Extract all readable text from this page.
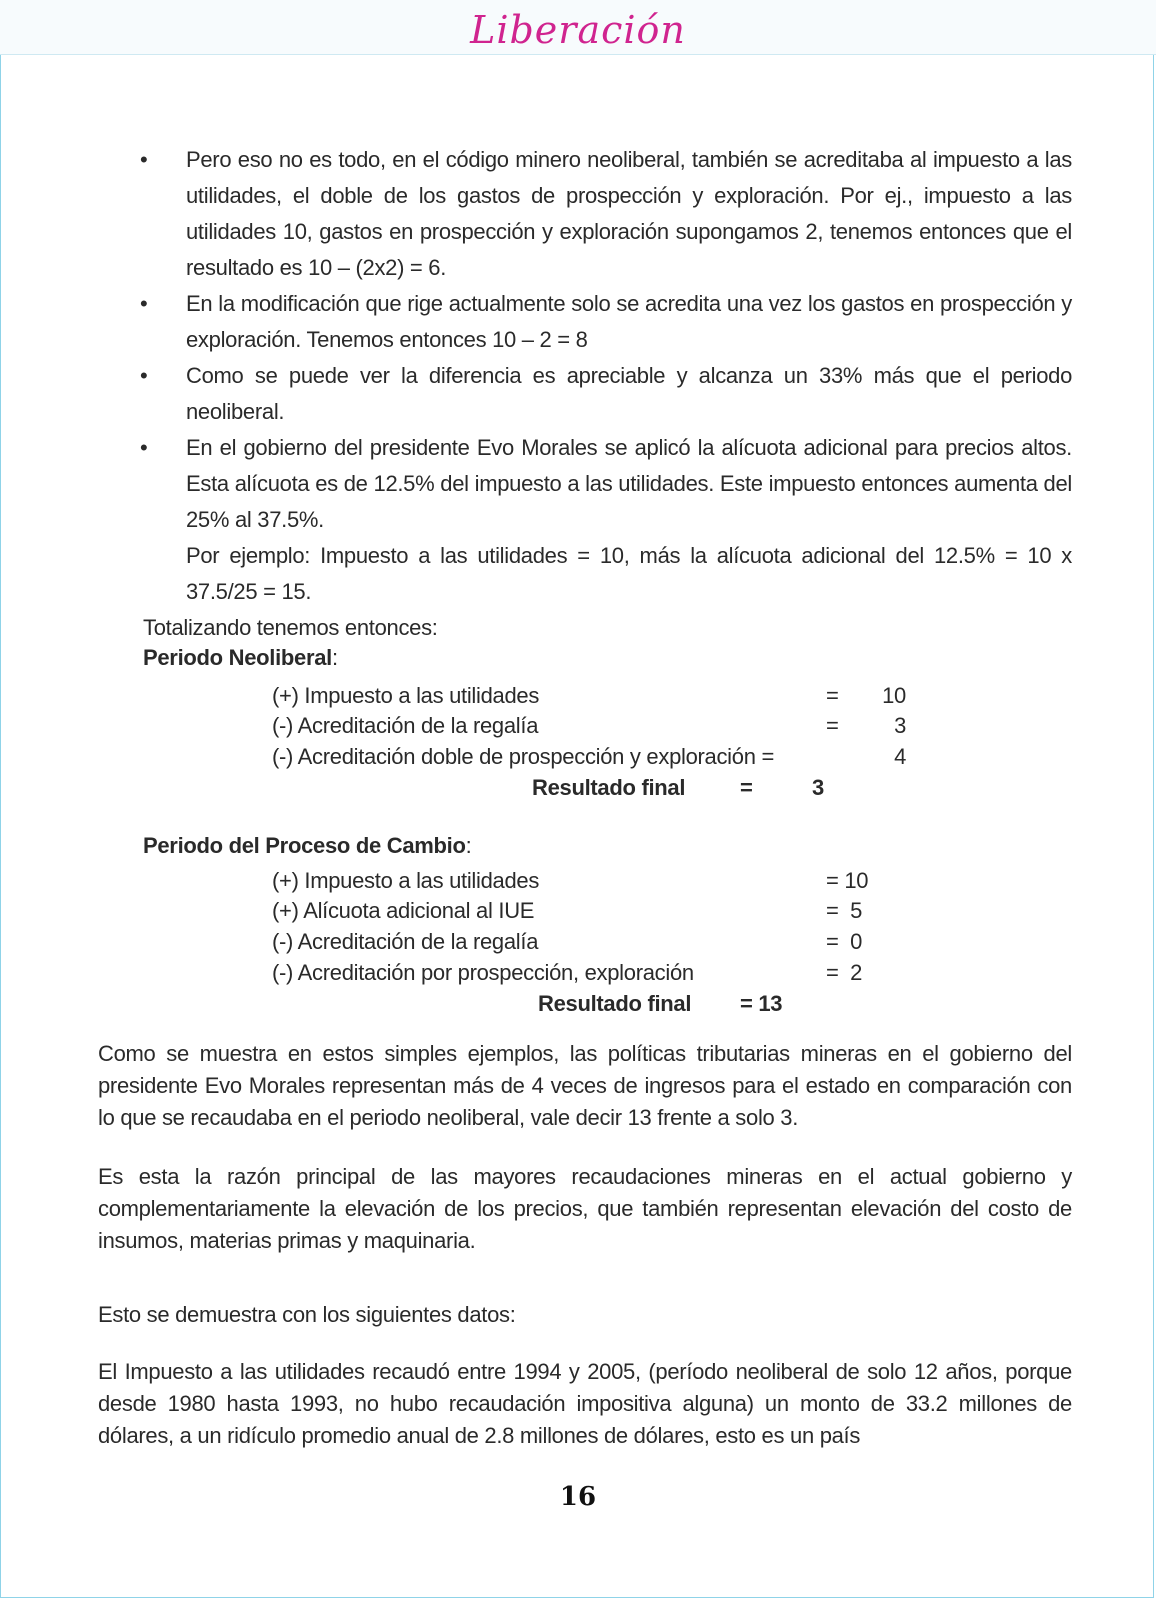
Liberación
• Pero eso no es todo, en el código minero neoliberal, también se acreditaba al impuesto a las utilidades, el doble de los gastos de prospección y exploración. Por ej., impuesto a las utilidades 10, gastos en prospección y exploración supongamos 2, tenemos entonces que el resultado es 10 – (2x2) = 6.
• En la modificación que rige actualmente solo se acredita una vez los gastos en prospección y exploración. Tenemos entonces 10 – 2 = 8
• Como se puede ver la diferencia es apreciable y alcanza un 33% más que el periodo neoliberal.
• En el gobierno del presidente Evo Morales se aplicó la alícuota adicional para precios altos. Esta alícuota es de 12.5% del impuesto a las utilidades. Este impuesto entonces aumenta del 25% al 37.5%.
Por ejemplo: Impuesto a las utilidades = 10, más la alícuota adicional del 12.5% = 10 x 37.5/25 = 15.
Totalizando tenemos entonces:
Periodo Neoliberal:
(+) Impuesto a las utilidades	=	10
(-) Acreditación de la regalía	=	3
(-) Acreditación doble de prospección y exploración =	4
Resultado final =	3
Periodo del Proceso de Cambio:
(+) Impuesto a las utilidades	= 10
(+) Alícuota adicional al IUE	=  5
(-) Acreditación de la regalía	=  0
(-) Acreditación por prospección, exploración	=  2
Resultado final = 13

Como se muestra en estos simples ejemplos, las políticas tributarias mineras en el gobierno del presidente Evo Morales representan más de 4 veces de ingresos para el estado en comparación con lo que se recaudaba en el periodo neoliberal, vale decir 13 frente a solo 3.

Es esta la razón principal de las mayores recaudaciones mineras en el actual gobierno y complementariamente la elevación de los precios, que también representan elevación del costo de insumos, materias primas y maquinaria.

Esto se demuestra con los siguientes datos:

El Impuesto a las utilidades recaudó entre 1994 y 2005, (período neoliberal de solo 12 años, porque desde 1980 hasta 1993, no hubo recaudación impositiva alguna) un monto de 33.2 millones de dólares, a un ridículo promedio anual de 2.8 millones de dólares, esto es un país

16
